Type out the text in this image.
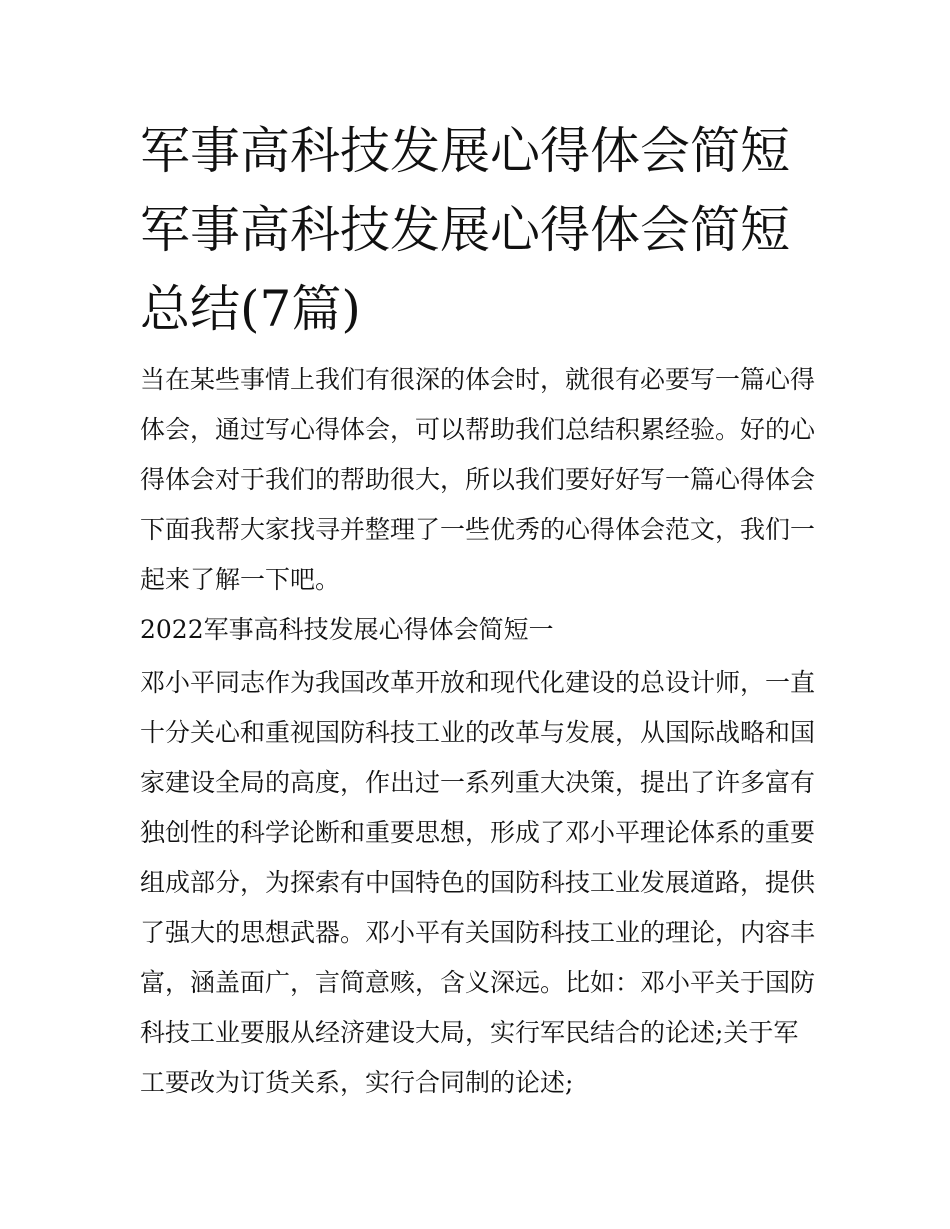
军事高科技发展心得体会简短
军事高科技发展心得体会简短
总结(7篇)
当在某些事情上我们有很深的体会时，就很有必要写一篇心得
体会，通过写心得体会，可以帮助我们总结积累经验。好的心
得体会对于我们的帮助很大，所以我们要好好写一篇心得体会
下面我帮大家找寻并整理了一些优秀的心得体会范文，我们一
起来了解一下吧。
2022军事高科技发展心得体会简短一
邓小平同志作为我国改革开放和现代化建设的总设计师，一直
十分关心和重视国防科技工业的改革与发展，从国际战略和国
家建设全局的高度，作出过一系列重大决策，提出了许多富有
独创性的科学论断和重要思想，形成了邓小平理论体系的重要
组成部分，为探索有中国特色的国防科技工业发展道路，提供
了强大的思想武器。邓小平有关国防科技工业的理论，内容丰
富，涵盖面广，言简意赅，含义深远。比如：邓小平关于国防
科技工业要服从经济建设大局，实行军民结合的论述;关于军
工要改为订货关系，实行合同制的论述;
